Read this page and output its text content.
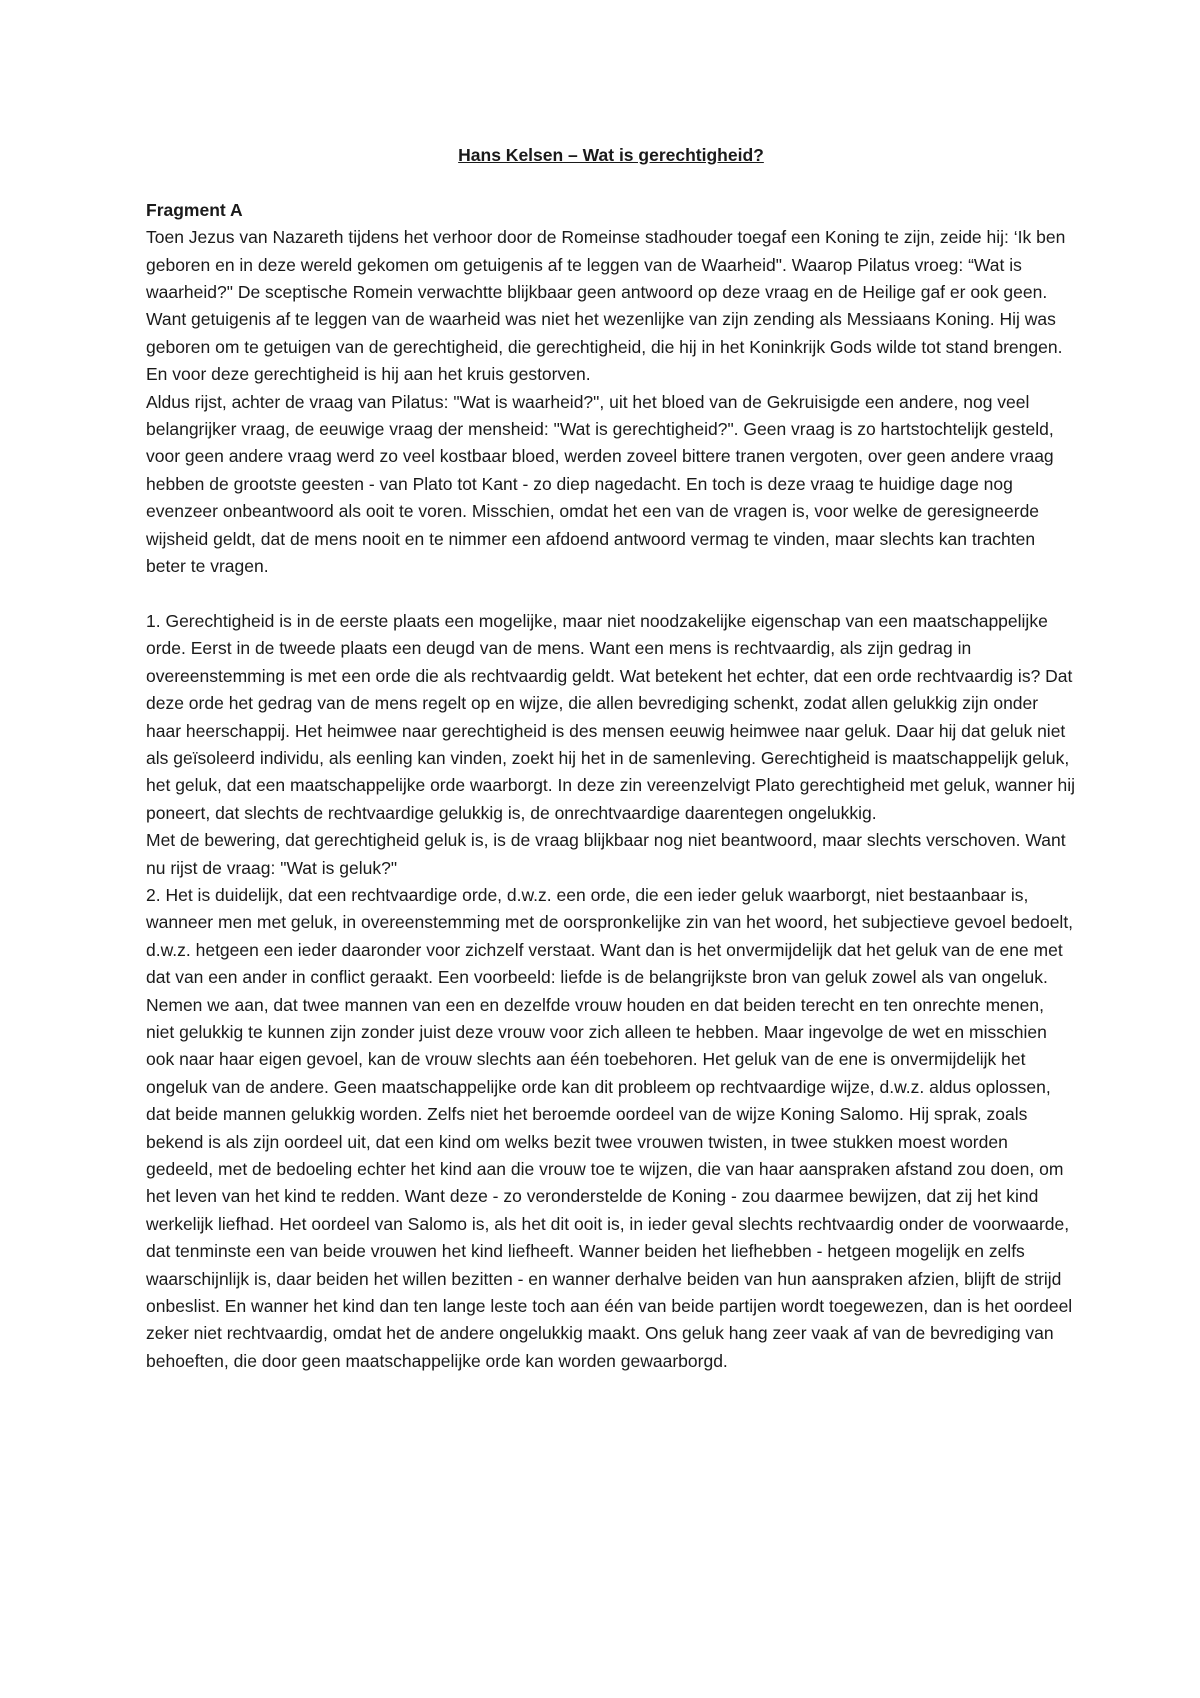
Hans Kelsen – Wat is gerechtigheid?

Fragment A

Toen Jezus van Nazareth tijdens het verhoor door de Romeinse stadhouder toegaf een Koning te zijn, zeide hij: ‘Ik ben geboren en in deze wereld gekomen om getuigenis af te leggen van de Waarheid". Waarop Pilatus vroeg: “Wat is waarheid?" De sceptische Romein verwachtte blijkbaar geen antwoord op deze vraag en de Heilige gaf er ook geen. Want getuigenis af te leggen van de waarheid was niet het wezenlijke van zijn zending als Messiaans Koning. Hij was geboren om te getuigen van de gerechtigheid, die gerechtigheid, die hij in het Koninkrijk Gods wilde tot stand brengen. En voor deze gerechtigheid is hij aan het kruis gestorven.

Aldus rijst, achter de vraag van Pilatus: "Wat is waarheid?", uit het bloed van de Gekruisigde een andere, nog veel belangrijker vraag, de eeuwige vraag der mensheid: "Wat is gerechtigheid?". Geen vraag is zo hartstochtelijk gesteld, voor geen andere vraag werd zo veel kostbaar bloed, werden zoveel bittere tranen vergoten, over geen andere vraag hebben de grootste geesten - van Plato tot Kant - zo diep nagedacht. En toch is deze vraag te huidige dage nog evenzeer onbeantwoord als ooit te voren. Misschien, omdat het een van de vragen is, voor welke de geresigneerde wijsheid geldt, dat de mens nooit en te nimmer een afdoend antwoord vermag te vinden, maar slechts kan trachten beter te vragen.

1. Gerechtigheid is in de eerste plaats een mogelijke, maar niet noodzakelijke eigenschap van een maatschappelijke orde. Eerst in de tweede plaats een deugd van de mens. Want een mens is rechtvaardig, als zijn gedrag in overeenstemming is met een orde die als rechtvaardig geldt. Wat betekent het echter, dat een orde rechtvaardig is? Dat deze orde het gedrag van de mens regelt op en wijze, die allen bevrediging schenkt, zodat allen gelukkig zijn onder haar heerschappij. Het heimwee naar gerechtigheid is des mensen eeuwig heimwee naar geluk. Daar hij dat geluk niet als geïsoleerd individu, als eenling kan vinden, zoekt hij het in de samenleving. Gerechtigheid is maatschappelijk geluk, het geluk, dat een maatschappelijke orde waarborgt. In deze zin vereenzelvigt Plato gerechtigheid met geluk, wanner hij poneert, dat slechts de rechtvaardige gelukkig is, de onrechtvaardige daarentegen ongelukkig.

Met de bewering, dat gerechtigheid geluk is, is de vraag blijkbaar nog niet beantwoord, maar slechts verschoven. Want nu rijst de vraag: "Wat is geluk?"

2. Het is duidelijk, dat een rechtvaardige orde, d.w.z. een orde, die een ieder geluk waarborgt, niet bestaanbaar is, wanneer men met geluk, in overeenstemming met de oorspronkelijke zin van het woord, het subjectieve gevoel bedoelt, d.w.z. hetgeen een ieder daaronder voor zichzelf verstaat. Want dan is het onvermijdelijk dat het geluk van de ene met dat van een ander in conflict geraakt. Een voorbeeld: liefde is de belangrijkste bron van geluk zowel als van ongeluk. Nemen we aan, dat twee mannen van een en dezelfde vrouw houden en dat beiden terecht en ten onrechte menen, niet gelukkig te kunnen zijn zonder juist deze vrouw voor zich alleen te hebben. Maar ingevolge de wet en misschien ook naar haar eigen gevoel, kan de vrouw slechts aan één toebehoren. Het geluk van de ene is onvermijdelijk het ongeluk van de andere. Geen maatschappelijke orde kan dit probleem op rechtvaardige wijze, d.w.z. aldus oplossen, dat beide mannen gelukkig worden. Zelfs niet het beroemde oordeel van de wijze Koning Salomo. Hij sprak, zoals bekend is als zijn oordeel uit, dat een kind om welks bezit twee vrouwen twisten, in twee stukken moest worden gedeeld, met de bedoeling echter het kind aan die vrouw toe te wijzen, die van haar aanspraken afstand zou doen, om het leven van het kind te redden. Want deze - zo veronderstelde de Koning - zou daarmee bewijzen, dat zij het kind werkelijk liefhad. Het oordeel van Salomo is, als het dit ooit is, in ieder geval slechts rechtvaardig onder de voorwaarde, dat tenminste een van beide vrouwen het kind liefheeft. Wanner beiden het liefhebben - hetgeen mogelijk en zelfs waarschijnlijk is, daar beiden het willen bezitten - en wanner derhalve beiden van hun aanspraken afzien, blijft de strijd onbeslist. En wanner het kind dan ten lange leste toch aan één van beide partijen wordt toegewezen, dan is het oordeel zeker niet rechtvaardig, omdat het de andere ongelukkig maakt. Ons geluk hang zeer vaak af van de bevrediging van behoeften, die door geen maatschappelijke orde kan worden gewaarborgd.
